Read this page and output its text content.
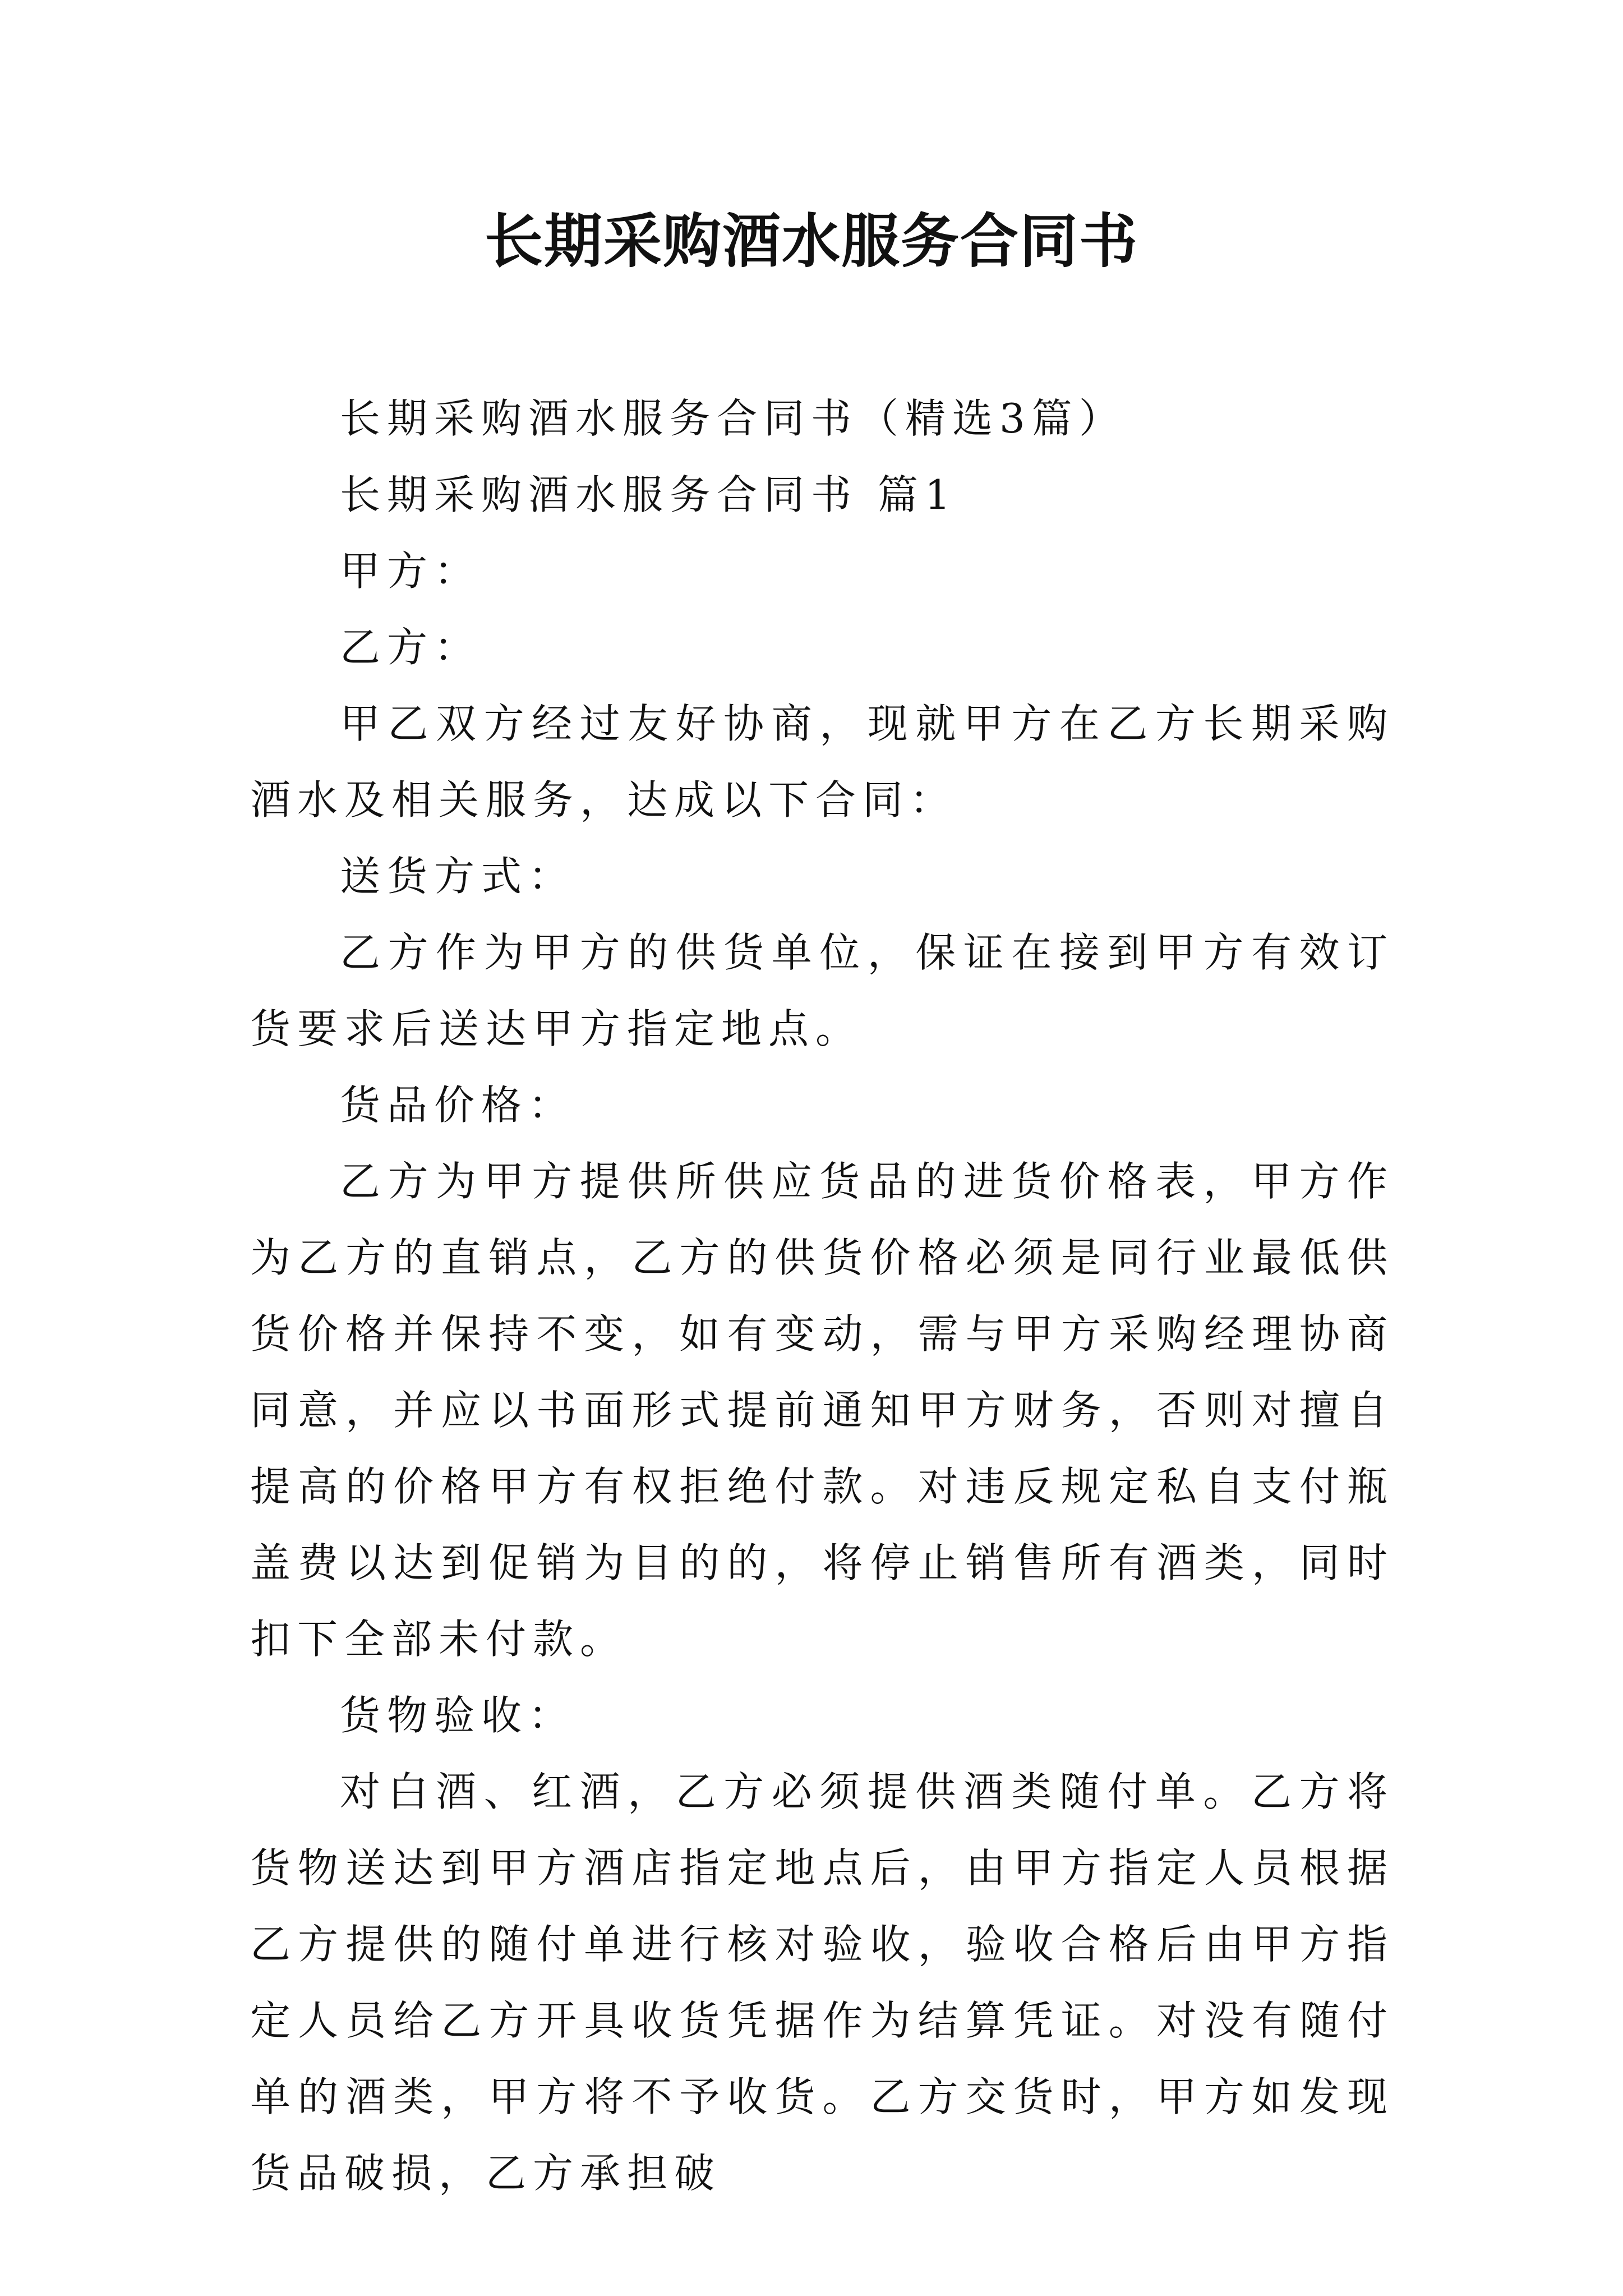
长期采购酒水服务合同书

长期采购酒水服务合同书（精选3篇）

长期采购酒水服务合同书 篇1

甲方：

乙方：

甲乙双方经过友好协商，现就甲方在乙方长期采购酒水及相关服务，达成以下合同：

送货方式：

乙方作为甲方的供货单位，保证在接到甲方有效订货要求后送达甲方指定地点。

货品价格：

乙方为甲方提供所供应货品的进货价格表，甲方作为乙方的直销点，乙方的供货价格必须是同行业最低供货价格并保持不变，如有变动，需与甲方采购经理协商同意，并应以书面形式提前通知甲方财务，否则对擅自提高的价格甲方有权拒绝付款。对违反规定私自支付瓶盖费以达到促销为目的的，将停止销售所有酒类，同时扣下全部未付款。

货物验收：

对白酒、红酒，乙方必须提供酒类随付单。乙方将货物送达到甲方酒店指定地点后，由甲方指定人员根据乙方提供的随付单进行核对验收，验收合格后由甲方指定人员给乙方开具收货凭据作为结算凭证。对没有随付单的酒类，甲方将不予收货。乙方交货时，甲方如发现货品破损，乙方承担破
